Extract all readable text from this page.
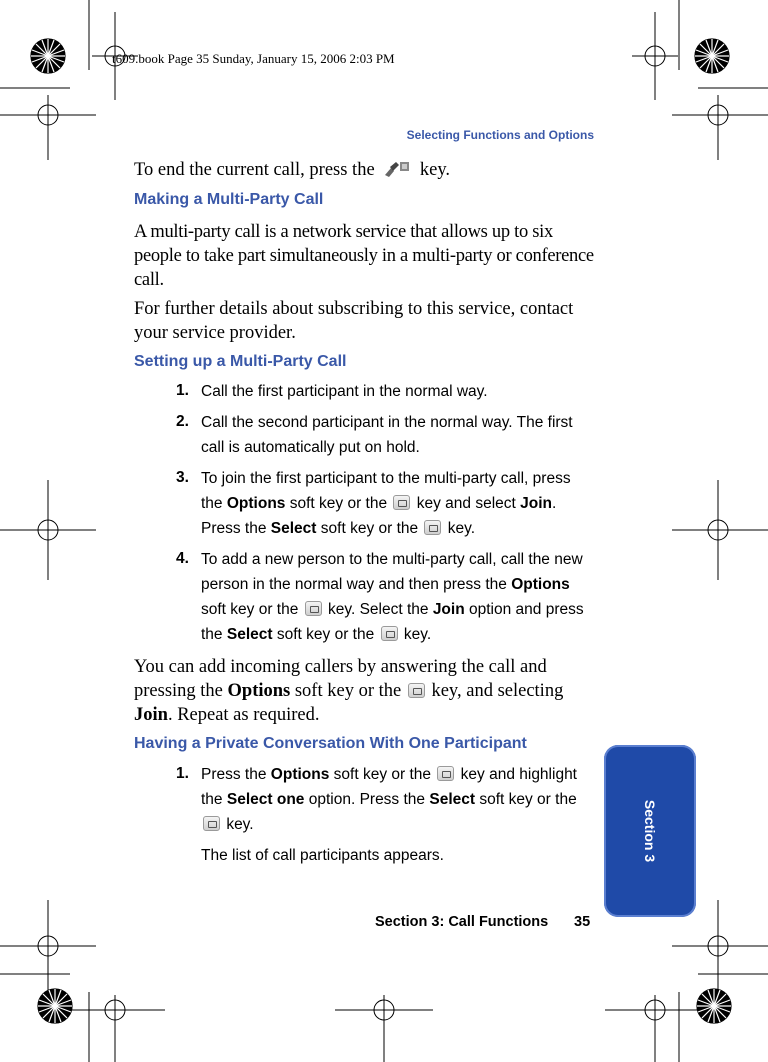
t609.book Page 35 Sunday, January 15, 2006 2:03 PM
Selecting Functions and Options
To end the current call, press the key.
Making a Multi-Party Call
A multi-party call is a network service that allows up to six people to take part simultaneously in a multi-party or conference call.
For further details about subscribing to this service, contact your service provider.
Setting up a Multi-Party Call
1. Call the first participant in the normal way.
2. Call the second participant in the normal way. The first
call is automatically put on hold.
3. To join the first participant to the multi-party call, press
the Options soft key or the key and select Join.
Press the Select soft key or the key.
4. To add a new person to the multi-party call, call the new
person in the normal way and then press the Options
soft key or the key. Select the Join option and press
the Select soft key or the key.
You can add incoming callers by answering the call and
pressing the Options soft key or the key, and selecting
Join. Repeat as required.
Having a Private Conversation With One Participant
1. Press the Options soft key or the key and highlight
the Select one option. Press the Select soft key or the
key.
The list of call participants appears.	Section 3
Section 3: Call Functions 35
